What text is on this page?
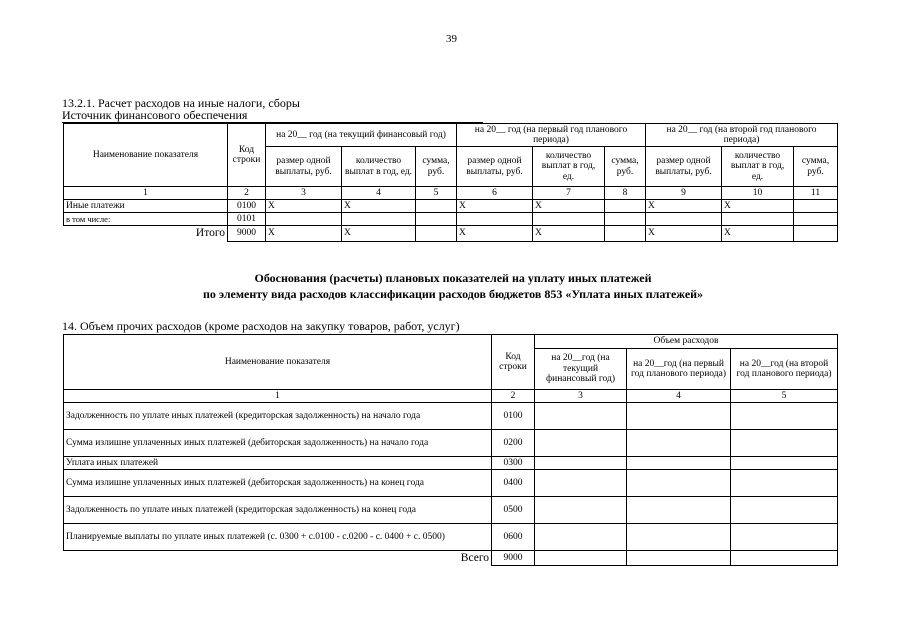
39
13.2.1. Расчет расходов на иные налоги, сборы
Источник финансового обеспечения
Наименование показателя	Код строки	на 20__ год (на текущий финансовый год)			на 20__ год (на первый год планового периода)			на 20__ год (на второй год планового периода)		
		размер одной выплаты, руб.	количество выплат в год, ед.	сумма, руб.	размер одной выплаты, руб.	количество выплат в год, ед.	сумма, руб.	размер одной выплаты, руб.	количество выплат в год, ед.	сумма, руб.
1	2	3	4	5	6	7	8	9	10	11
Иные платежи	0100	X	X		X	X		X	X	
в том числе:	0101									
Итого	9000	X	X		X	X		X	X	
Обоснования (расчеты) плановых показателей на уплату иных платежей
по элементу вида расходов классификации расходов бюджетов 853 «Уплата иных платежей»
14. Объем прочих расходов (кроме расходов на закупку товаров, работ, услуг)
Наименование показателя	Код строки	Объем расходов		
		на 20__год (на текущий финансовый год)	на 20__год (на первый год планового периода)	на 20__год (на второй год планового периода)
1	2	3	4	5
Задолженность по уплате иных платежей (кредиторская задолженность) на начало года	0100			
Сумма излишне уплаченных иных платежей (дебиторская задолженность) на начало года	0200			
Уплата иных платежей	0300			
Сумма излишне уплаченных иных платежей (дебиторская задолженность) на конец года	0400			
Задолженность по уплате иных платежей (кредиторская задолженность) на конец года	0500			
Планируемые выплаты по уплате иных платежей (с. 0300 + с.0100 - с.0200 - с. 0400 + с. 0500)	0600			
Всего	9000			
